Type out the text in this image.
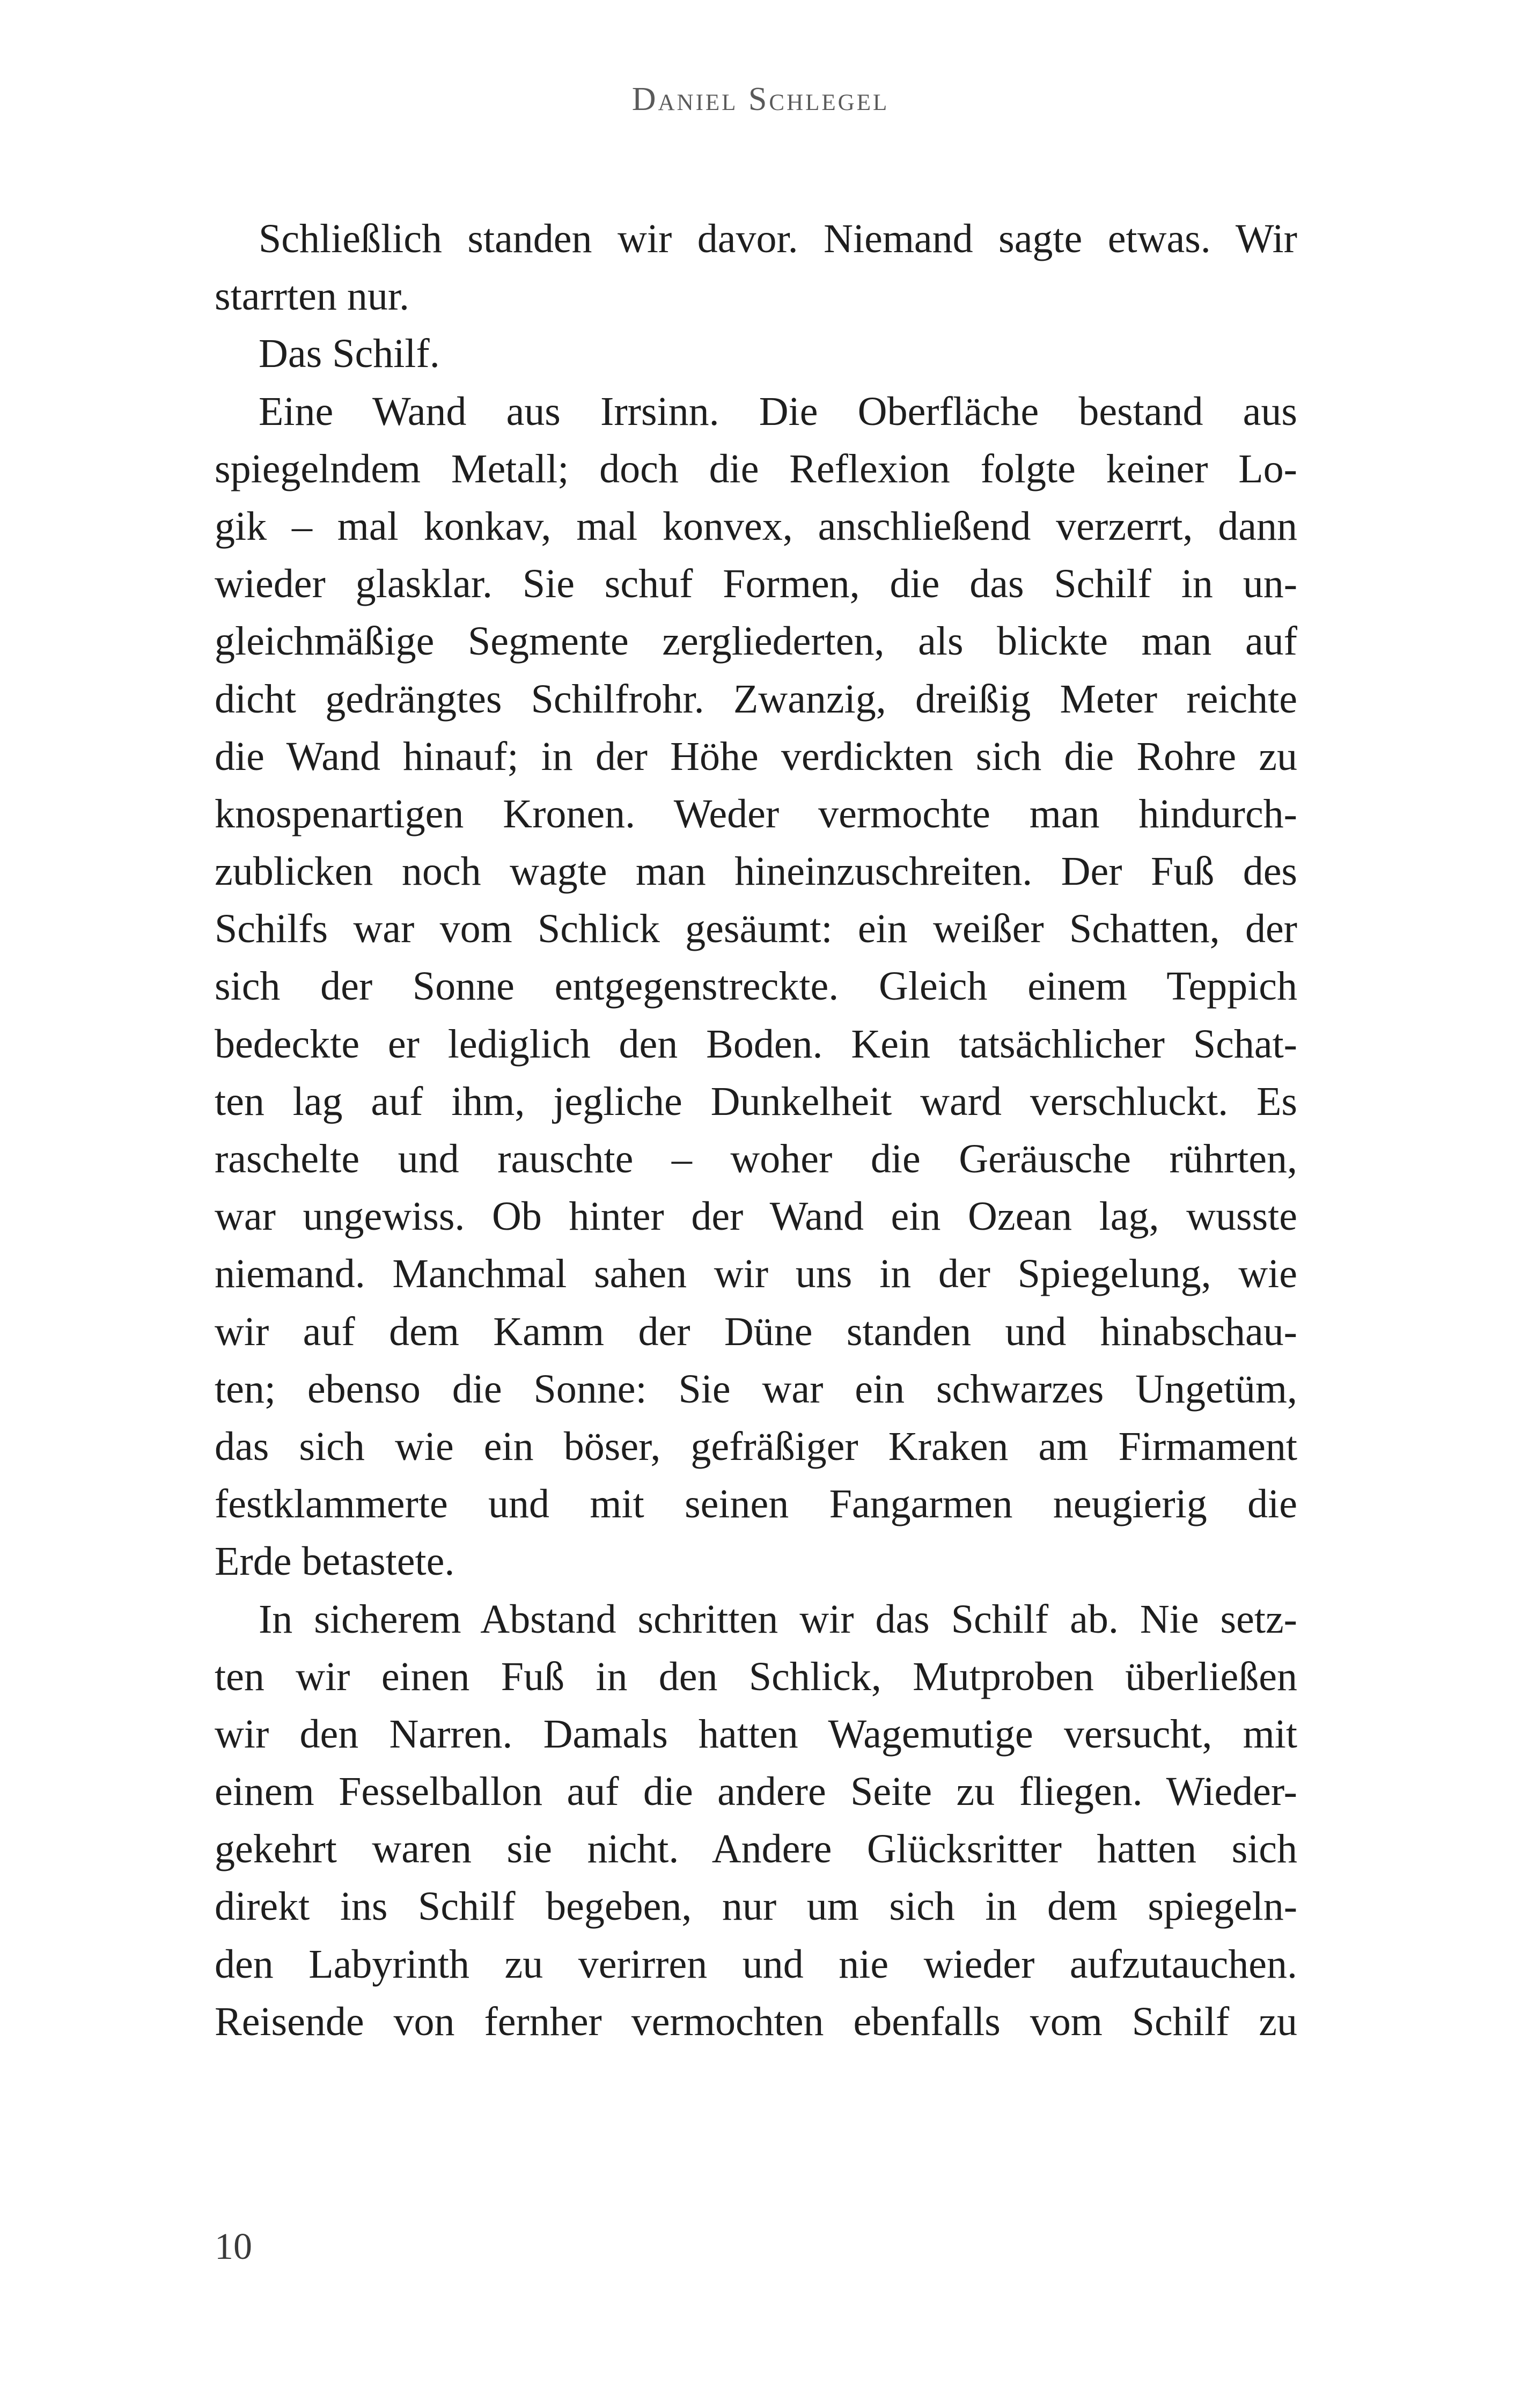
Daniel Schlegel
Schließlich standen wir davor. Niemand sagte etwas. Wir
starrten nur.
Das Schilf.
Eine Wand aus Irrsinn. Die Oberfläche bestand aus
spiegelndem Metall; doch die Reflexion folgte keiner Lo-
gik – mal konkav, mal konvex, anschließend verzerrt, dann
wieder glasklar. Sie schuf Formen, die das Schilf in un-
gleichmäßige Segmente zergliederten, als blickte man auf
dicht gedrängtes Schilfrohr. Zwanzig, dreißig Meter reichte
die Wand hinauf; in der Höhe verdickten sich die Rohre zu
knospenartigen Kronen. Weder vermochte man hindurch-
zublicken noch wagte man hineinzuschreiten. Der Fuß des
Schilfs war vom Schlick gesäumt: ein weißer Schatten, der
sich der Sonne entgegenstreckte. Gleich einem Teppich
bedeckte er lediglich den Boden. Kein tatsächlicher Schat-
ten lag auf ihm, jegliche Dunkelheit ward verschluckt. Es
raschelte und rauschte – woher die Geräusche rührten,
war ungewiss. Ob hinter der Wand ein Ozean lag, wusste
niemand. Manchmal sahen wir uns in der Spiegelung, wie
wir auf dem Kamm der Düne standen und hinabschau-
ten; ebenso die Sonne: Sie war ein schwarzes Ungetüm,
das sich wie ein böser, gefräßiger Kraken am Firmament
festklammerte und mit seinen Fangarmen neugierig die
Erde betastete.
In sicherem Abstand schritten wir das Schilf ab. Nie setz-
ten wir einen Fuß in den Schlick, Mutproben überließen
wir den Narren. Damals hatten Wagemutige versucht, mit
einem Fesselballon auf die andere Seite zu fliegen. Wieder-
gekehrt waren sie nicht. Andere Glücksritter hatten sich
direkt ins Schilf begeben, nur um sich in dem spiegeln-
den Labyrinth zu verirren und nie wieder aufzutauchen.
Reisende von fernher vermochten ebenfalls vom Schilf zu
10
